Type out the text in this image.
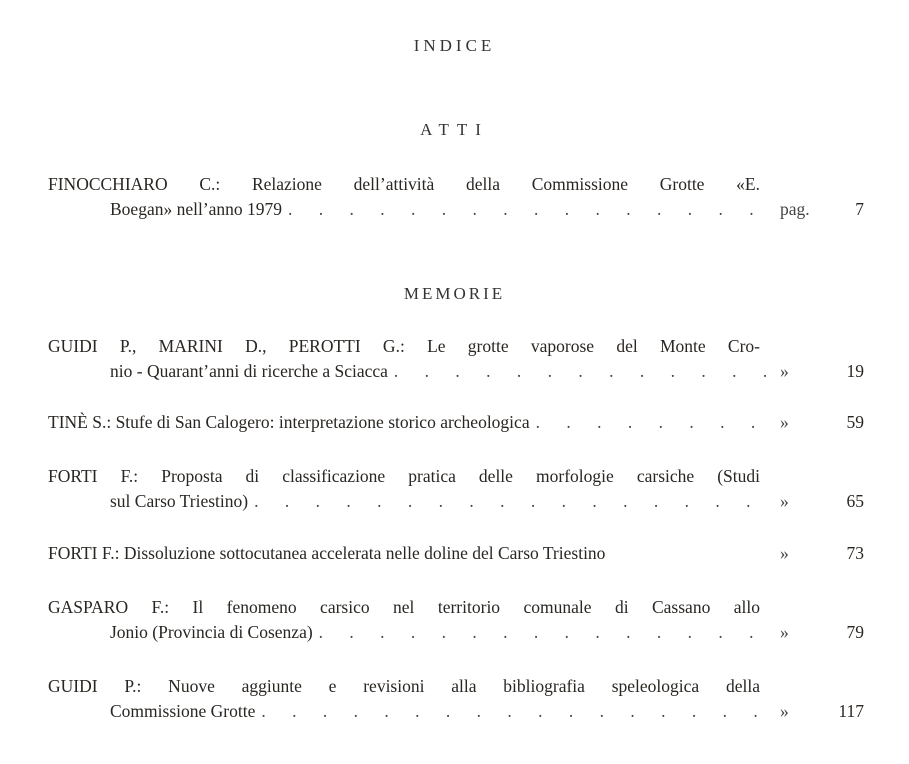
INDICE
ATTI
FINOCCHIARO C.: Relazione dell’attività della Commissione Grotte «E.
Boegan» nell’anno 1979 . . .	pag.	7
MEMORIE
GUIDI P., MARINI D., PEROTTI G.: Le grotte vaporose del Monte Cro-
nio - Quarant’anni di ricerche a Sciacca . . .	»	19
TINÈ S.: Stufe di San Calogero: interpretazione storico archeologica . . .	»	59
FORTI F.: Proposta di classificazione pratica delle morfologie carsiche (Studi
sul Carso Triestino) . . .	»	65
FORTI F.: Dissoluzione sottocutanea accelerata nelle doline del Carso Triestino	»	73
GASPARO F.: Il fenomeno carsico nel territorio comunale di Cassano allo
Jonio (Provincia di Cosenza) . . .	»	79
GUIDI P.: Nuove aggiunte e revisioni alla bibliografia speleologica della
Commissione Grotte . . .	»	117
